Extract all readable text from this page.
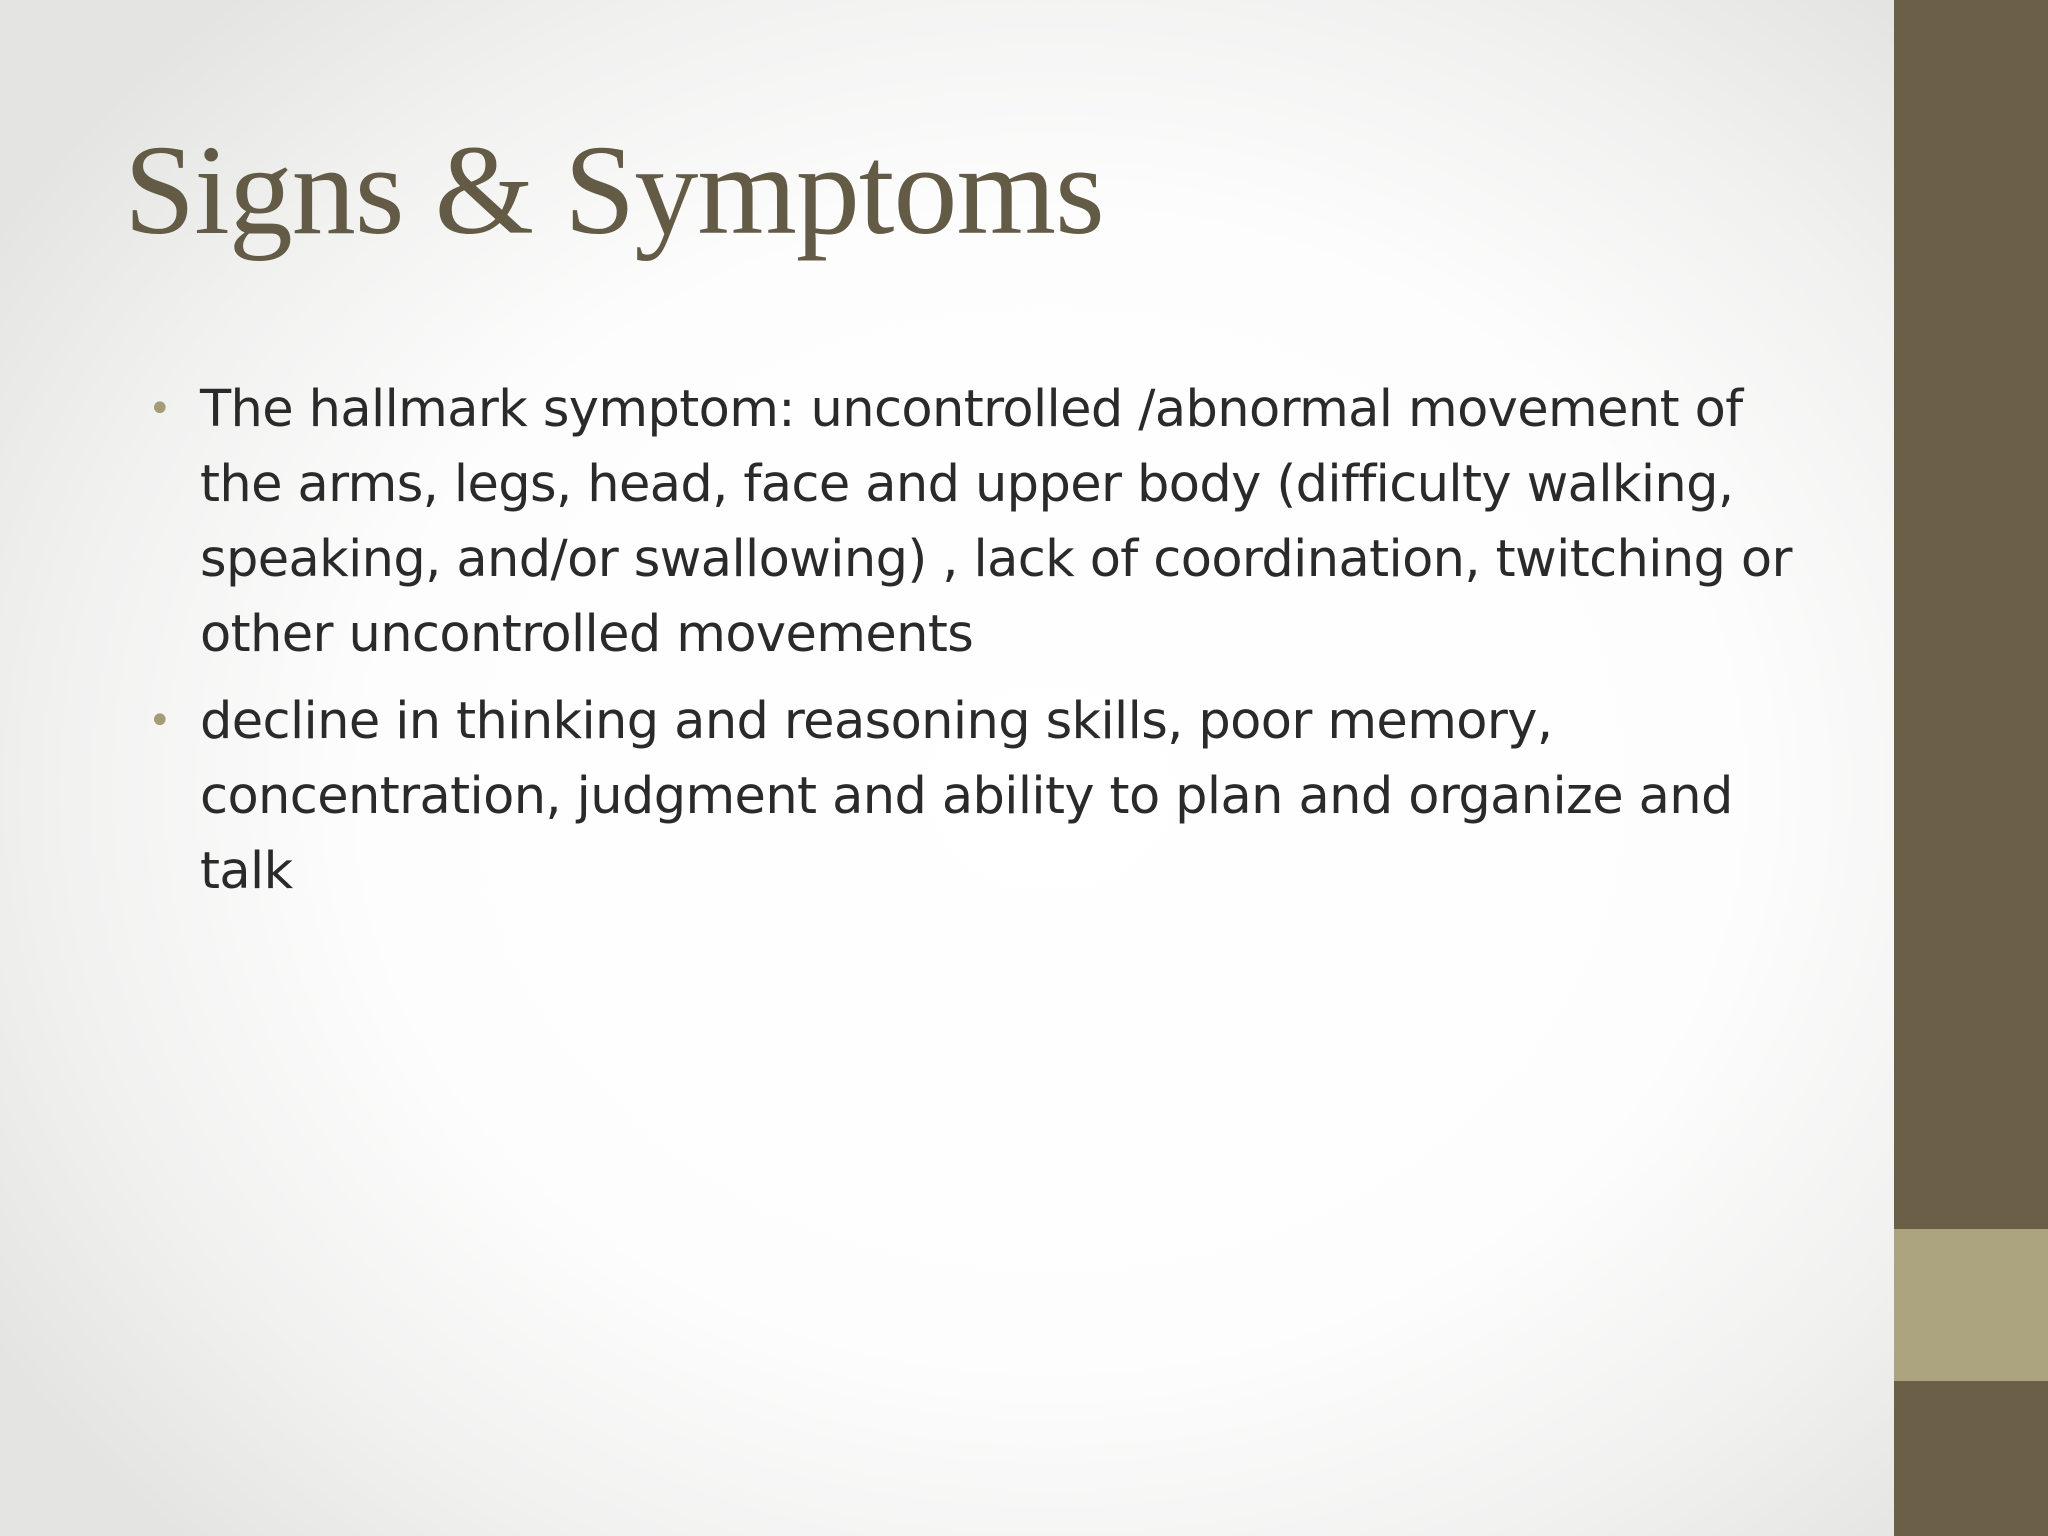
Signs & Symptoms
• The hallmark symptom: uncontrolled /abnormal movement of the arms, legs, head, face and upper body (difficulty walking, speaking, and/or swallowing) , lack of coordination, twitching or other uncontrolled movements
• decline in thinking and reasoning skills, poor memory, concentration, judgment and ability to plan and organize and talk
